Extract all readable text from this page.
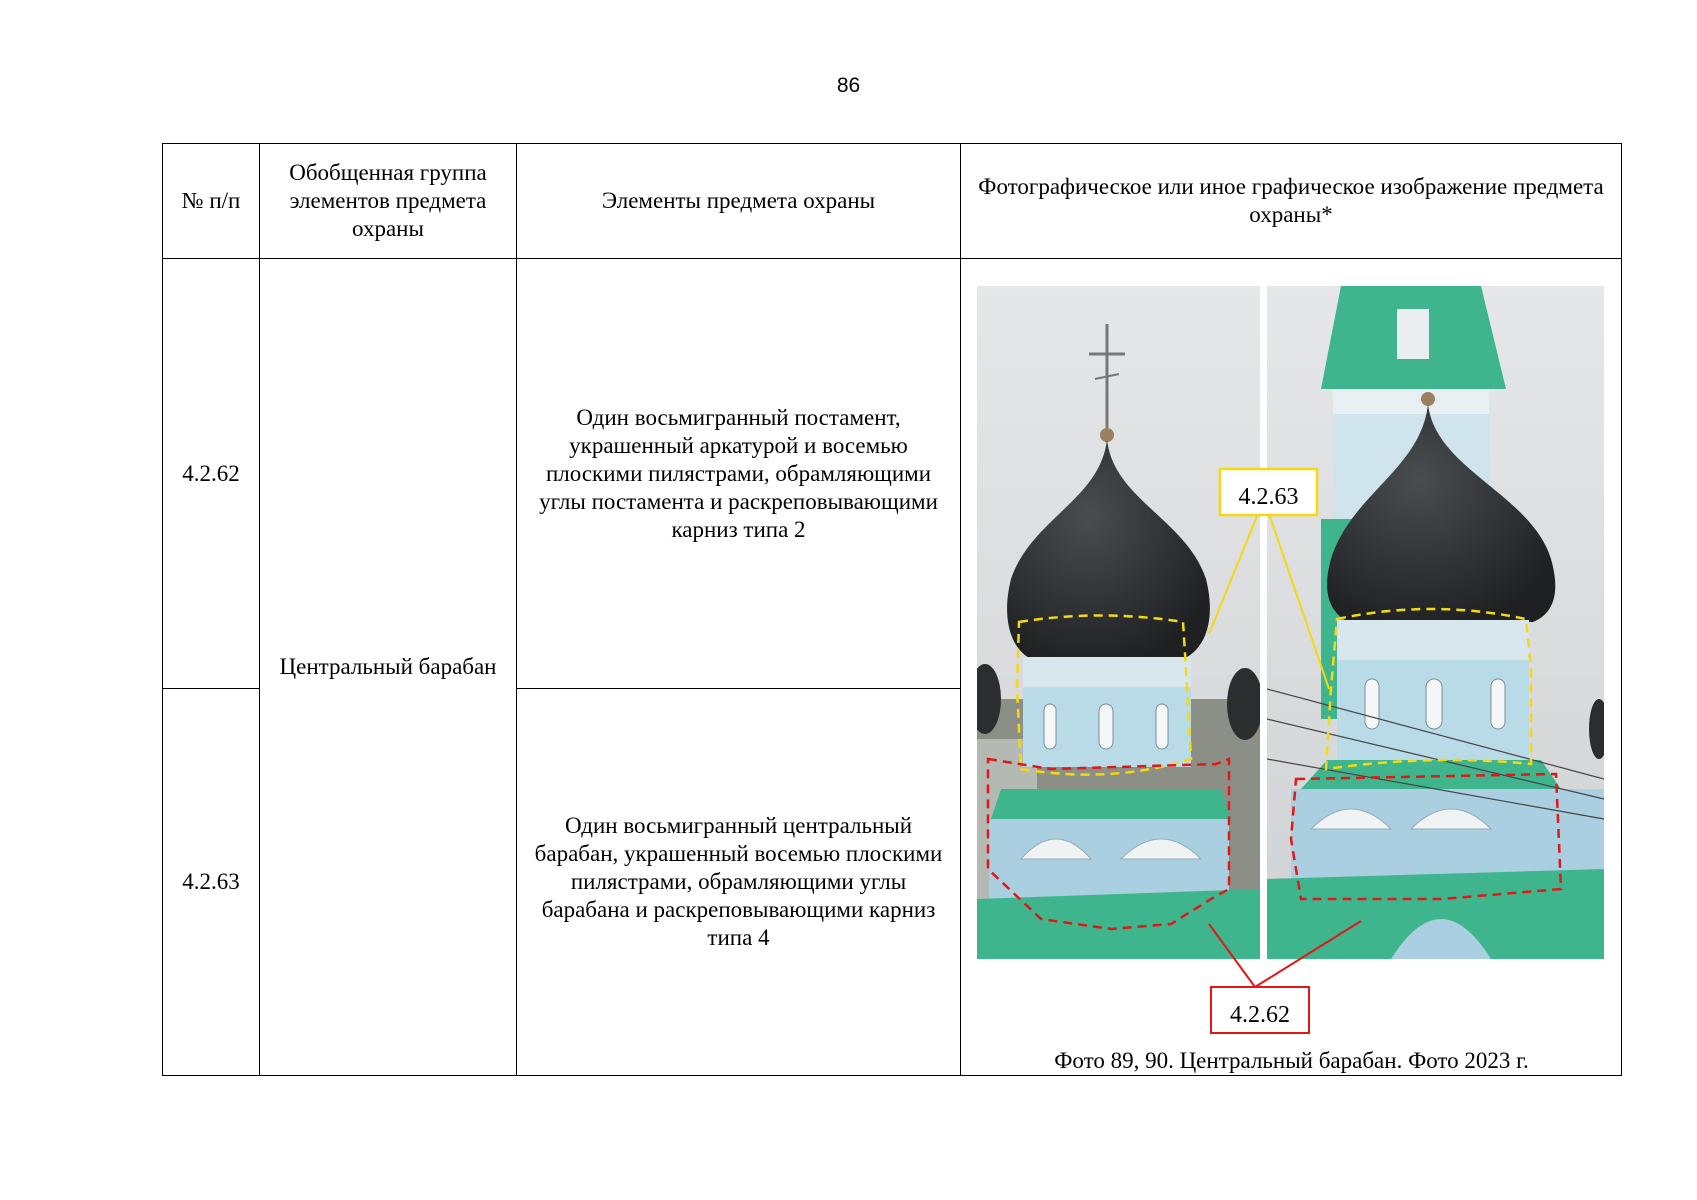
86
№ п/п	Обобщенная группа элементов предмета охраны	Элементы предмета охраны	Фотографическое или иное графическое изображение предмета охраны*
4.2.62	Центральный барабан	Один восьмигранный постамент, украшенный аркатурой и восемью плоскими пилястрами, обрамляющими углы постамента и раскреповывающими карниз типа 2	4.2.63
4.2.62
Фото 89, 90. Центральный барабан. Фото 2023 г.

4.2.63		Один восьмигранный центральный барабан, украшенный восемью плоскими пилястрами, обрамляющими углы барабана и раскреповывающими карниз типа 4	
